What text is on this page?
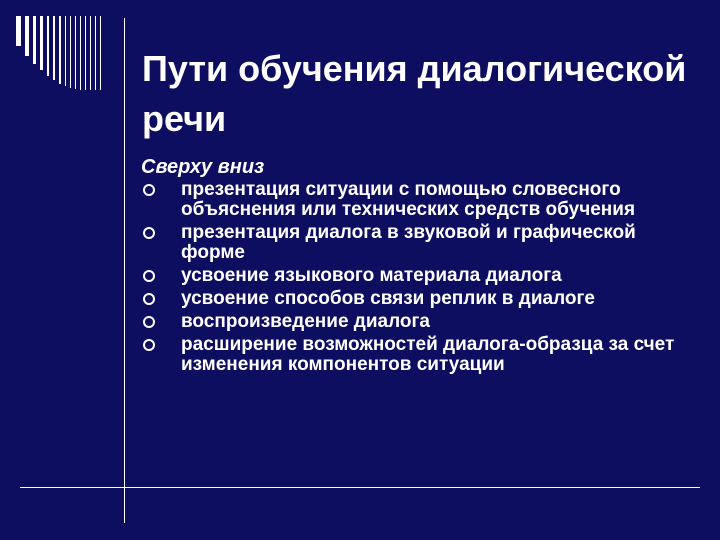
Пути обучения диалогической речи

Сверху вниз

презентация ситуации с помощью словесного объяснения или технических средств обучения
презентация диалога в звуковой и графической форме
усвоение языкового материала диалога
усвоение способов связи реплик в диалоге
воспроизведение диалога
расширение возможностей диалога-образца за счет изменения компонентов ситуации
